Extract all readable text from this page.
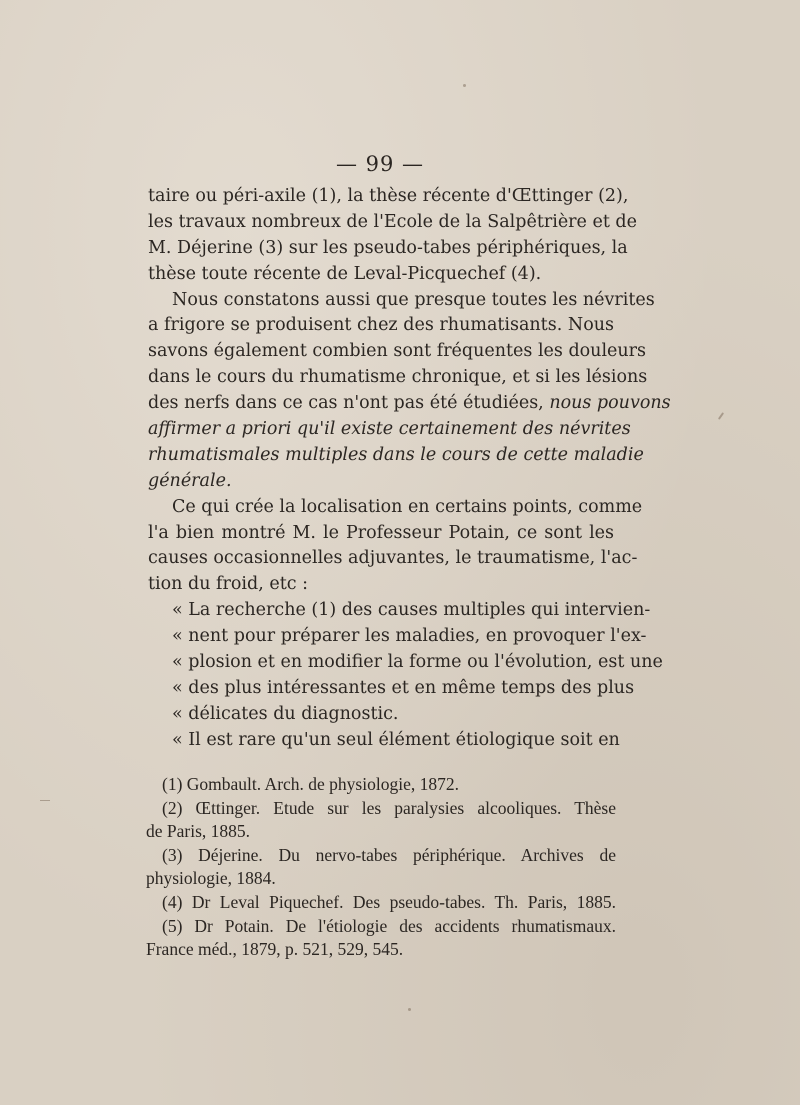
— 99 —
taire ou péri-axile (1), la thèse récente d'Œttinger (2),
les travaux nombreux de l'Ecole de la Salpêtrière et de
M. Déjerine (3) sur les pseudo-tabes périphériques, la
thèse toute récente de Leval-Picquechef (4).
Nous constatons aussi que presque toutes les névrites
a frigore se produisent chez des rhumatisants. Nous
savons également combien sont fréquentes les douleurs
dans le cours du rhumatisme chronique, et si les lésions
des nerfs dans ce cas n'ont pas été étudiées, nous pouvons
affirmer a priori qu'il existe certainement des névrites
rhumatismales multiples dans le cours de cette maladie
générale.
Ce qui crée la localisation en certains points, comme
l'a bien montré M. le Professeur Potain, ce sont les
causes occasionnelles adjuvantes, le traumatisme, l'ac-
tion du froid, etc :
« La recherche (1) des causes multiples qui intervien-
« nent pour préparer les maladies, en provoquer l'ex-
« plosion et en modifier la forme ou l'évolution, est une
« des plus intéressantes et en même temps des plus
« délicates du diagnostic.
« Il est rare qu'un seul élément étiologique soit en
(1) Gombault. Arch. de physiologie, 1872.
(2) Œttinger. Etude sur les paralysies alcooliques. Thèse
de Paris, 1885.
(3) Déjerine. Du nervo-tabes périphérique. Archives de
physiologie, 1884.
(4) Dr Leval Piquechef. Des pseudo-tabes. Th. Paris, 1885.
(5) Dr Potain. De l'étiologie des accidents rhumatismaux.
France méd., 1879, p. 521, 529, 545.
